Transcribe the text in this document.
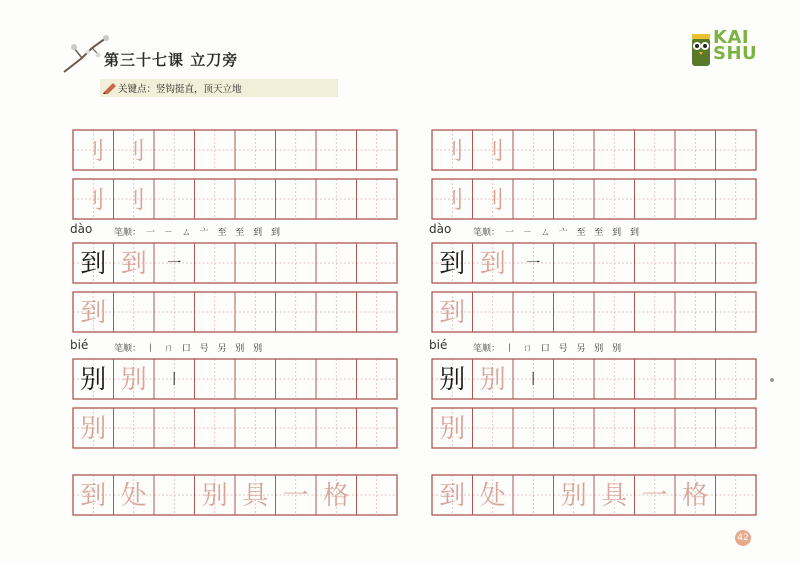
第三十七课 立刀旁
关键点：竖钩挺直，顶天立地
KAI
SHU
刂 刂
刂 刂
dào 笔顺： 一 ㄧ ㄙ 亠 至 至 到 到
到 到 一
到
bié	笔顺： 丨 ㄇ 口 号 另 别 别
别 别 丨
别
到 处 别 具 一 格
刂 刂
刂 刂
dào 笔顺： 一 ㄧ ㄙ 亠 至 至 到 到
到 到 一
到
bié	笔顺： 丨 ㄇ 口 号 另 别 别
别 别 丨
别
到 处 别 具 一 格
42
